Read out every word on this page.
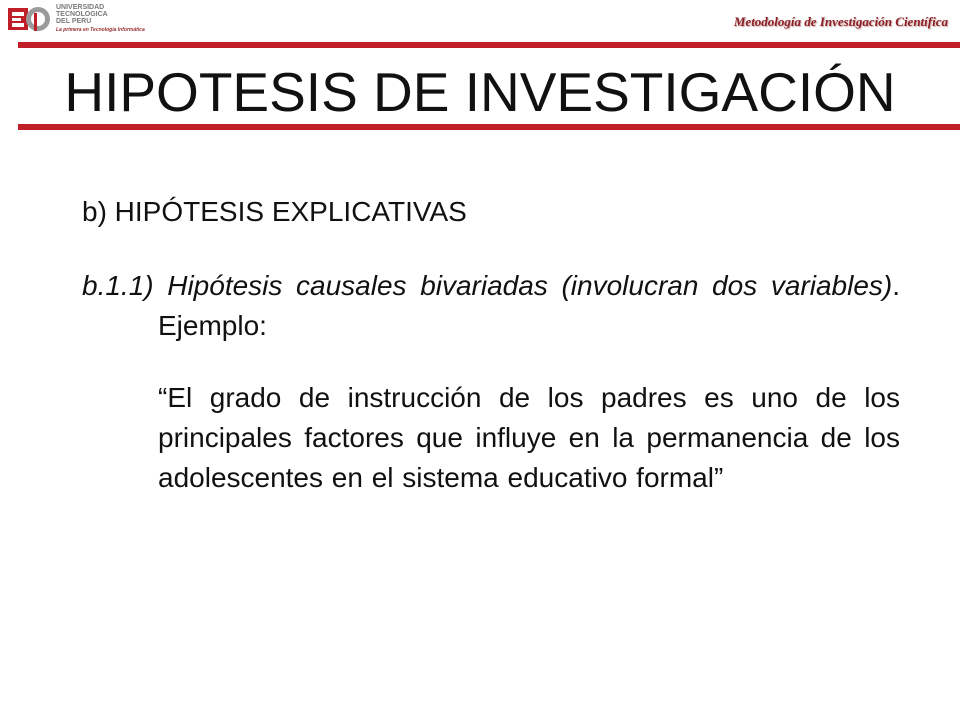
UNIVERSIDAD
TECNOLOGICA
DEL PERU
La primera en Tecnología Informática
Metodología de Investigación Científica
HIPOTESIS DE INVESTIGACIÓN

b) HIPÓTESIS EXPLICATIVAS

b.1.1) Hipótesis causales bivariadas (involucran dos variables). Ejemplo:

“El grado de instrucción de los padres es uno de los principales factores que influye en la permanencia de los adolescentes en el sistema educativo formal”
